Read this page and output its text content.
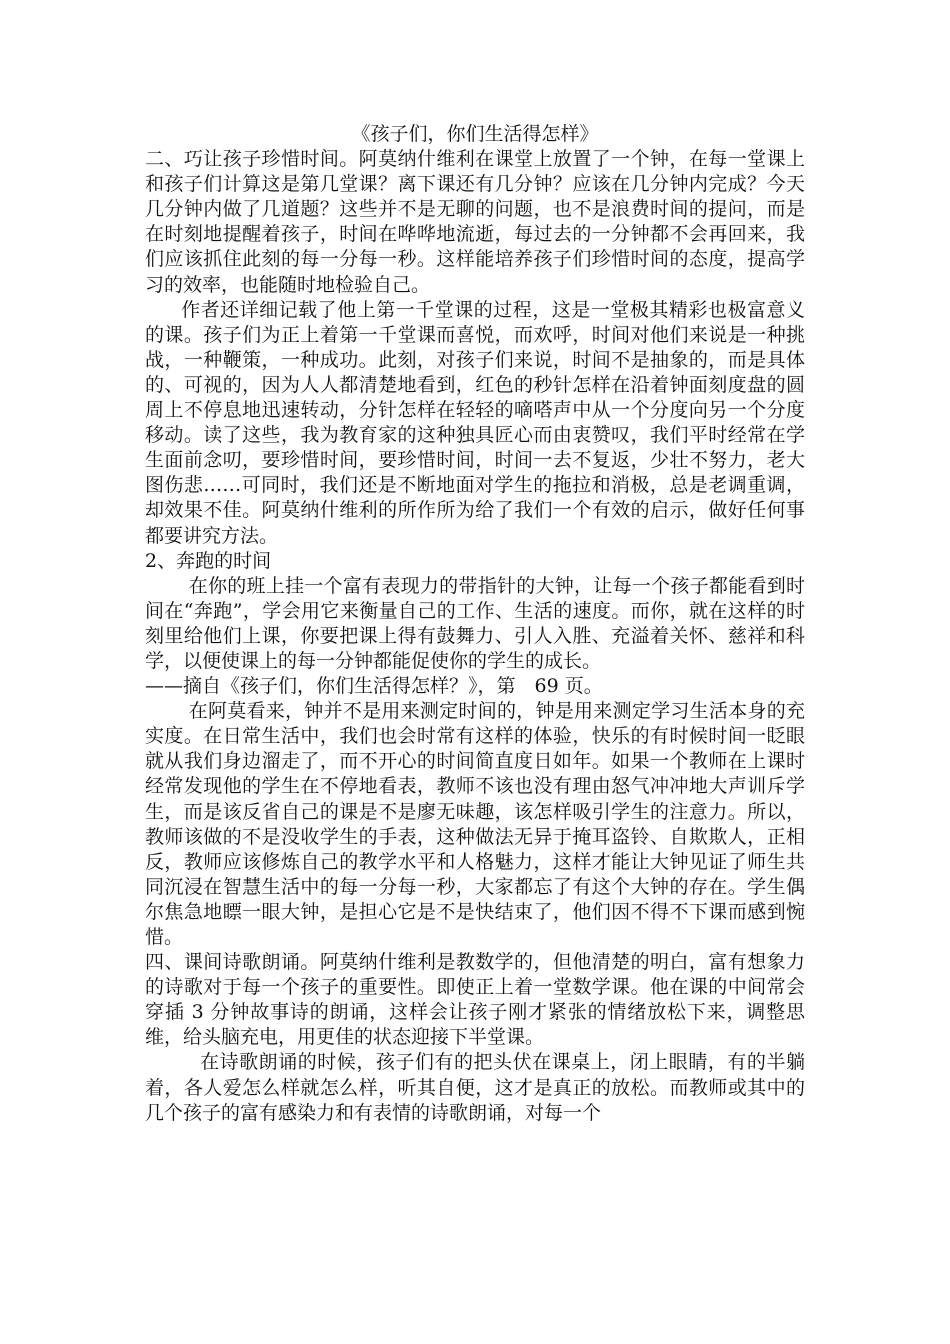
《孩子们，你们生活得怎样》

二、巧让孩子珍惜时间。阿莫纳什维利在课堂上放置了一个钟，在每一堂课上和孩子们计算这是第几堂课？离下课还有几分钟？应该在几分钟内完成？今天几分钟内做了几道题？这些并不是无聊的问题，也不是浪费时间的提问，而是在时刻地提醒着孩子，时间在哗哗地流逝，每过去的一分钟都不会再回来，我们应该抓住此刻的每一分每一秒。这样能培养孩子们珍惜时间的态度，提高学习的效率，也能随时地检验自己。

作者还详细记载了他上第一千堂课的过程，这是一堂极其精彩也极富意义的课。孩子们为正上着第一千堂课而喜悦，而欢呼，时间对他们来说是一种挑战，一种鞭策，一种成功。此刻，对孩子们来说，时间不是抽象的，而是具体的、可视的，因为人人都清楚地看到，红色的秒针怎样在沿着钟面刻度盘的圆周上不停息地迅速转动，分针怎样在轻轻的嘀嗒声中从一个分度向另一个分度移动。读了这些，我为教育家的这种独具匠心而由衷赞叹，我们平时经常在学生面前念叨，要珍惜时间，要珍惜时间，时间一去不复返，少壮不努力，老大图伤悲……可同时，我们还是不断地面对学生的拖拉和消极，总是老调重调，却效果不佳。阿莫纳什维利的所作所为给了我们一个有效的启示，做好任何事都要讲究方法。

2、奔跑的时间

在你的班上挂一个富有表现力的带指针的大钟，让每一个孩子都能看到时间在“奔跑”，学会用它来衡量自己的工作、生活的速度。而你，就在这样的时刻里给他们上课，你要把课上得有鼓舞力、引人入胜、充溢着关怀、慈祥和科学，以便使课上的每一分钟都能促使你的学生的成长。

——摘自《孩子们，你们生活得怎样？》，第　69 页。

在阿莫看来，钟并不是用来测定时间的，钟是用来测定学习生活本身的充实度。在日常生活中，我们也会时常有这样的体验，快乐的有时候时间一眨眼就从我们身边溜走了，而不开心的时间简直度日如年。如果一个教师在上课时经常发现他的学生在不停地看表，教师不该也没有理由怒气冲冲地大声训斥学生，而是该反省自己的课是不是廖无味趣，该怎样吸引学生的注意力。所以，教师该做的不是没收学生的手表，这种做法无异于掩耳盗铃、自欺欺人，正相反，教师应该修炼自己的教学水平和人格魅力，这样才能让大钟见证了师生共同沉浸在智慧生活中的每一分每一秒，大家都忘了有这个大钟的存在。学生偶尔焦急地瞟一眼大钟，是担心它是不是快结束了，他们因不得不下课而感到惋惜。

四、课间诗歌朗诵。阿莫纳什维利是教数学的，但他清楚的明白，富有想象力的诗歌对于每一个孩子的重要性。即使正上着一堂数学课。他在课的中间常会穿插 3 分钟故事诗的朗诵，这样会让孩子刚才紧张的情绪放松下来，调整思维，给头脑充电，用更佳的状态迎接下半堂课。

在诗歌朗诵的时候，孩子们有的把头伏在课桌上，闭上眼睛，有的半躺着，各人爱怎么样就怎么样，听其自便，这才是真正的放松。而教师或其中的几个孩子的富有感染力和有表情的诗歌朗诵，对每一个
